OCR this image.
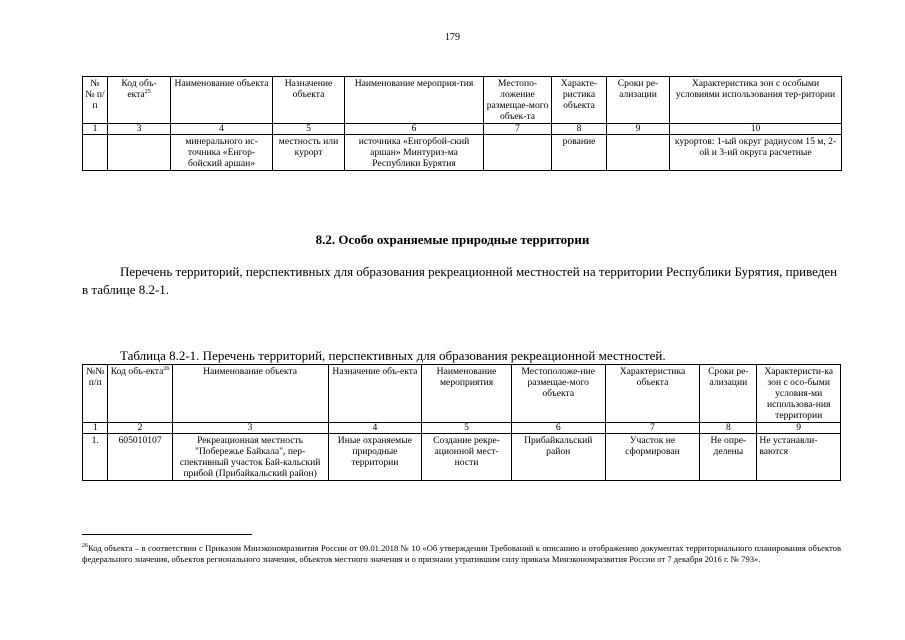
179
№ № п/п	Код объ-екта$^{25}$	Наименование объекта	Назначение объекта	Наименование мероприя-тия	Местопо-ложение размещае-мого объек-та	Характе-ристика объекта	Сроки ре-ализации	Характеристика зон с особыми условиями использования тер-ритории
1	3	4	5	6	7	8	9	10
		минерального ис-точника «Енгор-бойский аршан»	местность или курорт	источника «Енгорбой-ский аршан» Минтуриз-ма Республики Бурятия		рование		курортов: 1-ый округ радиусом 15 м, 2-ой и 3-ий округа расчетные
8.2. Особо охраняемые природные территории

Перечень территорий, перспективных для образования рекреационной местностей на территории Республики Бурятия, приведен в таблице 8.2-1.

Таблица 8.2-1. Перечень территорий, перспективных для образования рекреационной местностей.
№№ п/п	Код объ-екта$^{26}$	Наименование объекта	Назначение объ-екта	Наименование мероприятия	Местоположе-ние размещае-мого объекта	Характеристика объекта	Сроки ре-ализации	Характеристи-ка зон с осо-быми условия-ми использова-ния территории
1	2	3	4	5	6	7	8	9
1.	605010107	Рекреационная местность "Побережье Байкала", пер-спективный участок Бай-кальский прибой (Прибайкальский район)	Иные охраняемые природные территории	Создание рекре-ационной мест-ности	Прибайкальский район	Участок не сформирован	Не опре-делены	Не устанавли-ваются

$^{26}$Код объекта – в соответствии с Приказом Минэкономразвития России от 09.01.2018 № 10 «Об утверждении Требований к описанию и отображению документах территориального планирования объектов федерального значения, объектов регионального значения, объектов местного значения и о признани утратившим силу приказа Минэкономразвития России от 7 декабря 2016 г. № 793».
